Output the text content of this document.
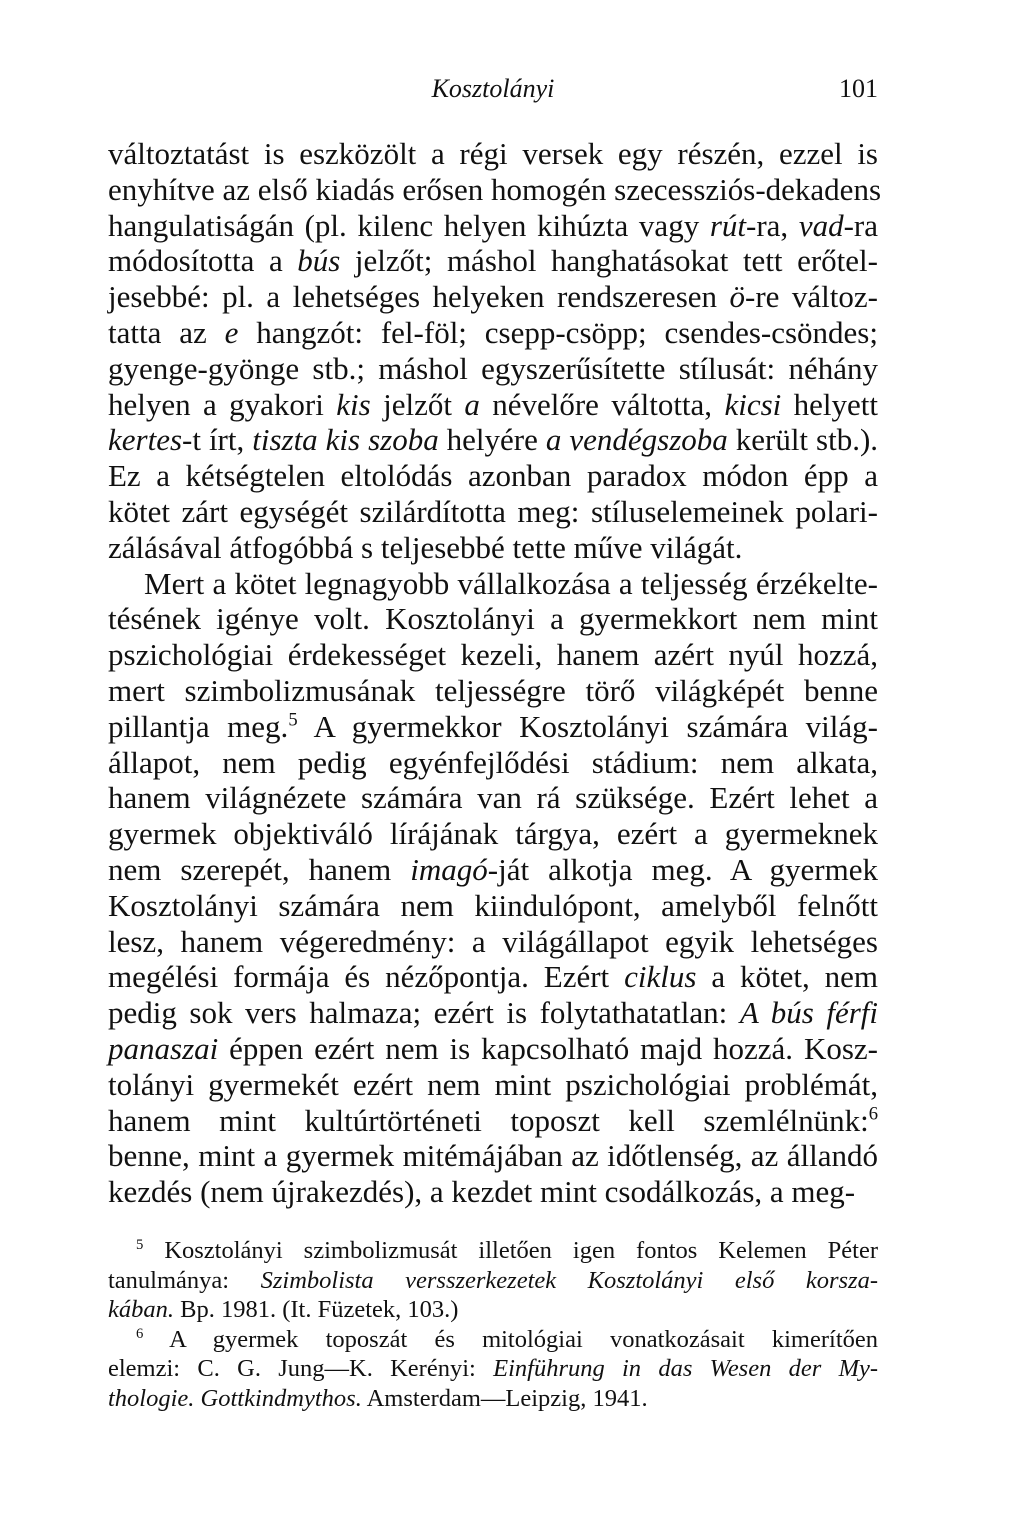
Kosztolányi	101
változtatást is eszközölt a régi versek egy részén, ezzel is
enyhítve az első kiadás erősen homogén szecessziós-dekadens
hangulatiságán (pl. kilenc helyen kihúzta vagy rút-ra, vad-ra
módosította a bús jelzőt; máshol hanghatásokat tett erőtel-
jesebbé: pl. a lehetséges helyeken rendszeresen ö-re változ-
tatta az e hangzót: fel-föl; csepp-csöpp; csendes-csöndes;
gyenge-gyönge stb.; máshol egyszerűsítette stílusát: néhány
helyen a gyakori kis jelzőt a névelőre váltotta, kicsi helyett
kertes-t írt, tiszta kis szoba helyére a vendégszoba került stb.).
Ez a kétségtelen eltolódás azonban paradox módon épp a
kötet zárt egységét szilárdította meg: stíluselemeinek polari-
zálásával átfogóbbá s teljesebbé tette műve világát.
Mert a kötet legnagyobb vállalkozása a teljesség érzékelte-
tésének igénye volt. Kosztolányi a gyermekkort nem mint
pszichológiai érdekességet kezeli, hanem azért nyúl hozzá,
mert szimbolizmusának teljességre törő világképét benne
pillantja meg.$^5$ A gyermekkor Kosztolányi számára világ-
állapot, nem pedig egyénfejlődési stádium: nem alkata,
hanem világnézete számára van rá szüksége. Ezért lehet a
gyermek objektiváló lírájának tárgya, ezért a gyermeknek
nem szerepét, hanem imagó-ját alkotja meg. A gyermek
Kosztolányi számára nem kiindulópont, amelyből felnőtt
lesz, hanem végeredmény: a világállapot egyik lehetséges
megélési formája és nézőpontja. Ezért ciklus a kötet, nem
pedig sok vers halmaza; ezért is folytathatatlan: A bús férfi
panaszai éppen ezért nem is kapcsolható majd hozzá. Kosz-
tolányi gyermekét ezért nem mint pszichológiai problémát,
hanem mint kultúrtörténeti toposzt kell szemlélnünk:$^6$
benne, mint a gyermek mitémájában az időtlenség, az állandó
kezdés (nem újrakezdés), a kezdet mint csodálkozás, a meg-
$^5$ Kosztolányi szimbolizmusát illetően igen fontos Kelemen Péter
tanulmánya: Szimbolista versszerkezetek Kosztolányi első korsza-
kában. Bp. 1981. (It. Füzetek, 103.)
$^6$ A gyermek toposzát és mitológiai vonatkozásait kimerítően
elemzi: C. G. Jung—K. Kerényi: Einführung in das Wesen der My-
thologie. Gottkindmythos. Amsterdam—Leipzig, 1941.
